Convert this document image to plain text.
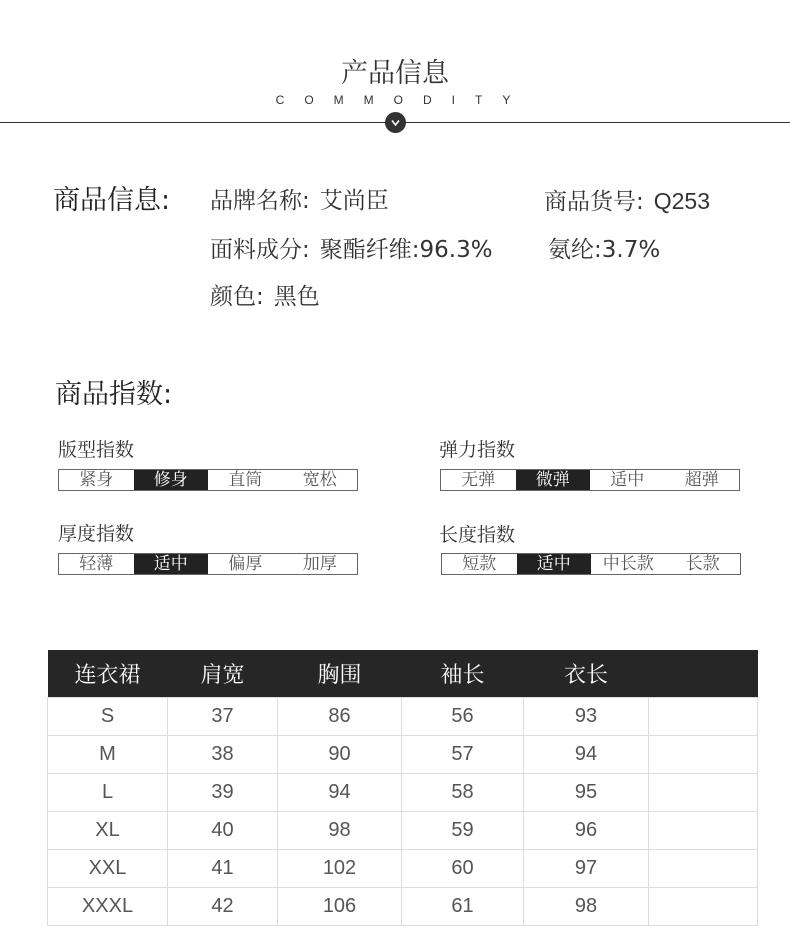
产品信息
COMMODITY
商品信息: 品牌名称: 艾尚臣	商品货号: Q253
面料成分: 聚酯纤维:96.3% 氨纶:3.7%
颜色: 黑色
商品指数:
版型指数
紧身	修身	直筒	宽松
弹力指数
无弹	微弹	适中	超弹
厚度指数
轻薄	适中	偏厚	加厚
长度指数
短款	适中	中长款	长款
连衣裙	肩宽	胸围	袖长	衣长	
S	37	86	56	93	
M	38	90	57	94	
L	39	94	58	95	
XL	40	98	59	96	
XXL	41	102	60	97	
XXXL	42	106	61	98	
